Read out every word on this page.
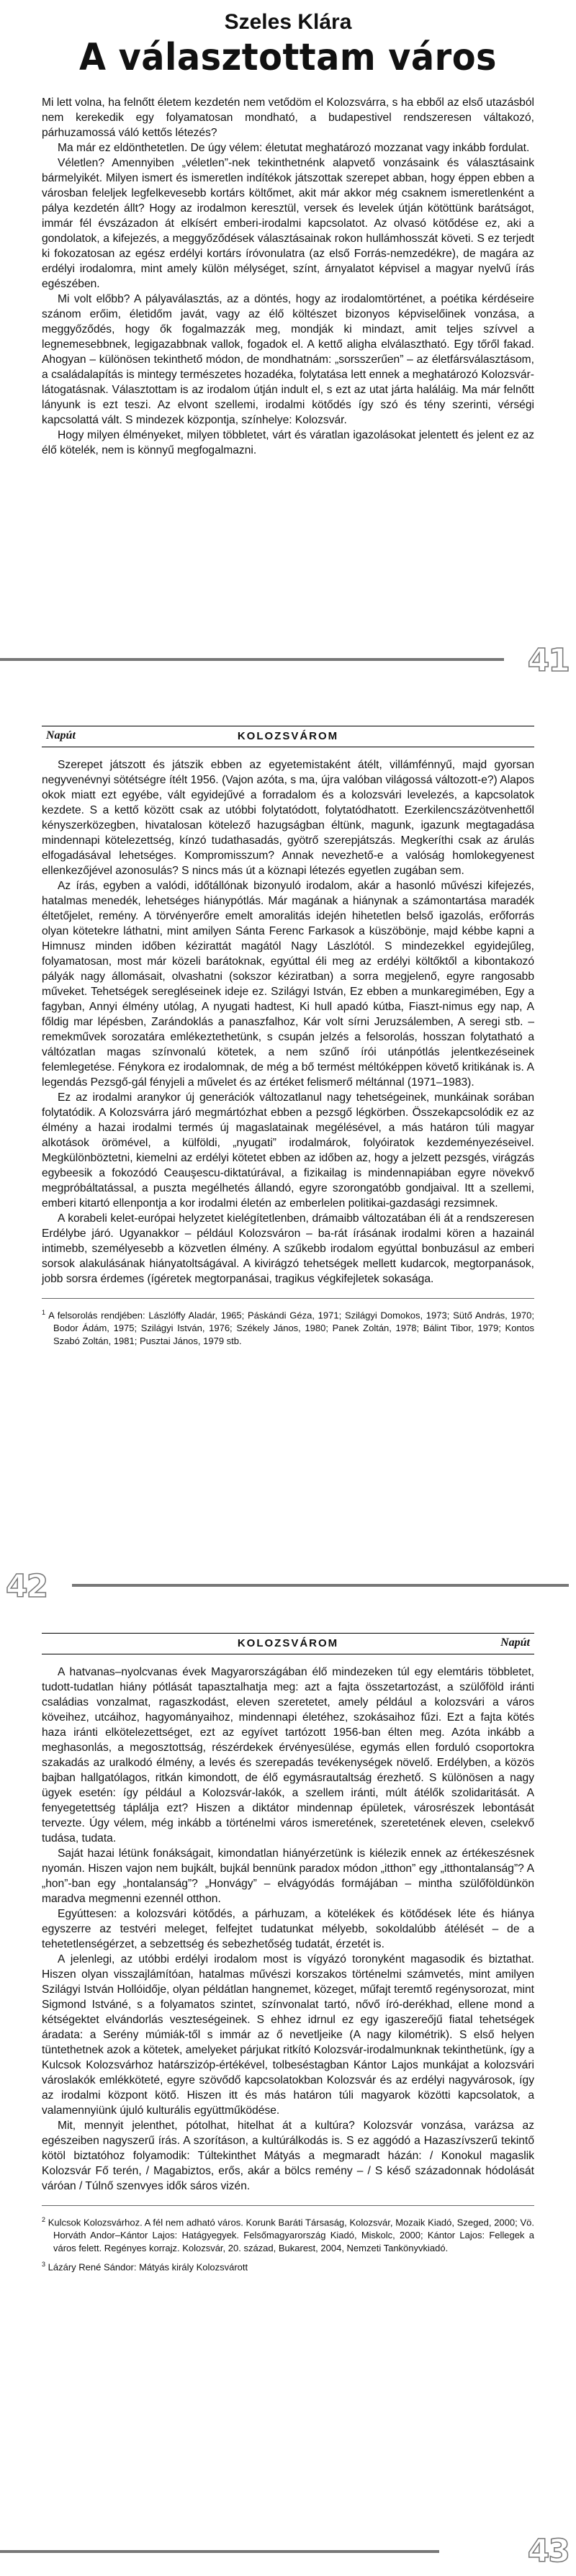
Szeles Klára
A választottam város

Mi lett volna, ha felnőtt életem kezdetén nem vetődöm el Kolozsvárra, s ha ebből az első utazásból nem kerekedik egy folyamatosan mondható, a budapestivel rendszeresen váltakozó, párhuzamossá váló kettős létezés?

Ma már ez eldönthetetlen. De úgy vélem: életutat meghatározó mozzanat vagy inkább fordulat.

Véletlen? Amennyiben „véletlen”-nek tekinthetnénk alapvető vonzásaink és választásaink bármelyikét. Milyen ismert és ismeretlen indítékok játszottak szerepet abban, hogy éppen ebben a városban feleljek legfelkevesebb kortárs költőmet, akit már akkor még csaknem ismeretlenként a pálya kezdetén állt? Hogy az irodalmon keresztül, versek és levelek útján kötöttünk barátságot, immár fél évszázadon át elkísért emberi-irodalmi kapcsolatot. Az olvasó kötődése ez, aki a gondolatok, a kifejezés, a meggyőződések választásainak rokon hullámhosszát követi. S ez terjedt ki fokozatosan az egész erdélyi kortárs íróvonulatra (az első Forrás-nemzedékre), de magára az erdélyi irodalomra, mint amely külön mélységet, színt, árnyalatot képvisel a magyar nyelvű írás egészében.

Mi volt előbb? A pályaválasztás, az a döntés, hogy az irodalomtörténet, a poétika kérdéseire szánom erőim, életidőm javát, vagy az élő költészet bizonyos képviselőinek vonzása, a meggyőződés, hogy ők fogalmazzák meg, mondják ki mindazt, amit teljes szívvel a legnemesebbnek, legigazabbnak vallok, fogadok el. A kettő aligha elválasztható. Egy tőről fakad. Ahogyan – különösen tekinthető módon, de mondhatnám: „sorsszerűen” – az életfársválasztásom, a családalapítás is mintegy természetes hozadéka, folytatása lett ennek a meghatározó Kolozsvár-látogatásnak. Választottam is az irodalom útján indult el, s ezt az utat járta haláláig. Ma már felnőtt lányunk is ezt teszi. Az elvont szellemi, irodalmi kötődés így szó és tény szerinti, vérségi kapcsolattá vált. S mindezek központja, színhelye: Kolozsvár.

Hogy milyen élményeket, milyen többletet, várt és váratlan igazolásokat jelentett és jelent ez az élő kötelék, nem is könnyű megfogalmazni.

41
Napút	KOLOZSVÁROM

Szerepet játszott és játszik ebben az egyetemistaként átélt, villámfénnyű, majd gyorsan negyvenévnyi sötétségre ítélt 1956. (Vajon azóta, s ma, újra valóban világossá változott-e?) Alapos okok miatt ezt egyébe, vált egyidejűvé a forradalom és a kolozsvári levelezés, a kapcsolatok kezdete. S a kettő között csak az utóbbi folytatódott, folytatódhatott. Ezerkilencszázötvenhettől kényszerközegben, hivatalosan kötelező hazugságban éltünk, magunk, igazunk megtagadása mindennapi kötelezettség, kínzó tudathasadás, gyötrő szerepjátszás. Megkeríthi csak az árulás elfogadásával lehetséges. Kompromisszum? Annak nevezhető-e a valóság homlokegyenest ellenkezőjével azonosulás? S nincs más út a köznapi létezés egyetlen zugában sem.

Az írás, egyben a valódi, időtállónak bizonyuló irodalom, akár a hasonló művészi kifejezés, hatalmas menedék, lehetséges hiánypótlás. Már magának a hiánynak a számontartása maradék éltetőjelet, remény. A törvényerőre emelt amoralitás idején hihetetlen belső igazolás, erőforrás olyan kötetekre láthatni, mint amilyen Sánta Ferenc Farkasok a küszöbönje, majd kébbe kapni a Himnusz minden időben kézirattát magától Nagy Lászlótól. S mindezekkel egyidejűleg, folyamatosan, most már közeli barátoknak, egyúttal éli meg az erdélyi költőktől a kibontakozó pályák nagy állomásait, olvashatni (sokszor kéziratban) a sorra megjelenő, egyre rangosabb műveket. Tehetségek seregléseinek ideje ez. Szilágyi István, Ez ebben a munkaregimében, Egy a fagyban, Annyi élmény utólag, A nyugati hadtest, Ki hull apadó kútba, Fiaszt-nimus egy nap, A főldig mar lépésben, Zarándoklás a panaszfalhoz, Kár volt sírni Jeruzsálemben, A seregi stb. – remekművek sorozatára emlékeztethetünk, s csupán jelzés a felsorolás, hosszan folytatható a váltózatlan magas színvonalú kötetek, a nem szűnő írói utánpótlás jelentkezéseinek felemlegetése. Fénykora ez irodalomnak, de még a bő termést méltóképpen követő kritikának is. A legendás Pezsgő-gál fényjeli a művelet és az értéket felismerő méltánnal (1971–1983).

Ez az irodalmi aranykor új generációk változatlanul nagy tehetségeinek, munkáinak sorában folytatódik. A Kolozsvárra járó megmártózhat ebben a pezsgő légkörben. Összekapcsolódik ez az élmény a hazai irodalmi termés új magaslatainak megélésével, a más határon túli magyar alkotások örömével, a külföldi, „nyugati” irodalmárok, folyóiratok kezdeményezéseivel. Megkülönböztetni, kiemelni az erdélyi kötetet ebben az időben az, hogy a jelzett pezsgés, virágzás egybeesik a fokozódó Ceauşescu-diktatúrával, a fizikailag is mindennapiában egyre növekvő megpróbáltatással, a puszta megélhetés állandó, egyre szorongatóbb gondjaival. Itt a szellemi, emberi kitartó ellenpontja a kor irodalmi életén az emberlelen politikai-gazdasági rezsimnek.

A korabeli kelet-európai helyzetet kielégítetlenben, drámaibb változatában éli át a rendszeresen Erdélybe járó. Ugyanakkor – például Kolozsváron – ba-rát írásának irodalmi kören a hazainál intimebb, személyesebb a közvetlen élmény. A szűkebb irodalom egyúttal bonbuzásul az emberi sorsok alakulásának hiányatoltságával. A kivirágzó tehetségek mellett kudarcok, megtorpanások, jobb sorsra érdemes (ígéretek megtorpanásai, tragikus végkifejletek sokasága.

$^1$ A felsorolás rendjében: Lászlóffy Aladár, 1965; Páskándi Géza, 1971; Szilágyi Domokos, 1973; Sütő András, 1970; Bodor Ádám, 1975; Szilágyi István, 1976; Székely János, 1980; Panek Zoltán, 1978; Bálint Tibor, 1979; Kontos Szabó Zoltán, 1981; Pusztai János, 1979 stb.

42
KOLOZSVÁROM	Napút

A hatvanas–nyolcvanas évek Magyarországában élő mindezeken túl egy elemtáris többletet, tudott-tudatlan hiány pótlását tapasztalhatja meg: azt a fajta összetartozást, a szülőföld iránti családias vonzalmat, ragaszkodást, eleven szeretetet, amely például a kolozsvári a város köveihez, utcáihoz, hagyományaihoz, mindennapi életéhez, szokásaihoz fűzi. Ezt a fajta kötés haza iránti elkötelezettséget, ezt az egyívet tartózott 1956-ban élten meg. Azóta inkább a meghasonlás, a megosztottság, részérdekek érvényesülése, egymás ellen forduló csoportokra szakadás az uralkodó élmény, a levés és szerepadás tevékenységek növelő. Erdélyben, a közös bajban hallgatólagos, ritkán kimondott, de élő egymásrautaltság érezhető. S különösen a nagy ügyek esetén: így például a Kolozsvár-lakók, a szellem iránti, múlt átélők szolidaritását. A fenyegetettség táplálja ezt? Hiszen a diktátor mindennap épületek, városrészek lebontását tervezte. Úgy vélem, még inkább a történelmi város ismeretének, szeretetének eleven, cselekvő tudása, tudata.

Saját hazai létünk fonákságait, kimondatlan hiányérzetünk is kiélezik ennek az értékeszésnek nyomán. Hiszen vajon nem bujkált, bujkál bennünk paradox módon „itthon” egy „itthontalanság”? A „hon”-ban egy „hontalanság”? „Honvágy” – elvágyódás formájában – mintha szülőföldünkön maradva megmenni ezennél otthon.

Egyúttesen: a kolozsvári kötődés, a párhuzam, a kötelékek és kötődések léte és hiánya egyszerre az testvéri meleget, felfejtet tudatunkat mélyebb, sokoldalúbb átélését – de a tehetetlenségérzet, a sebzettség és sebezhetőség tudatát, érzetét is.

A jelenlegi, az utóbbi erdélyi irodalom most is vígyázó toronyként magasodik és biztathat. Hiszen olyan visszajlámítóan, hatalmas művészi korszakos történelmi számvetés, mint amilyen Szilágyi István Hollóidője, olyan példátlan hangnemet, közeget, műfajt teremtő regénysorozat, mint Sigmond Istváné, s a folyamatos szintet, színvonalat tartó, nővő író-derékhad, ellene mond a kétségektet elvándorlás veszteségeinek. S ehhez idrnul ez egy igaszereőjű fiatal tehetségek áradata: a Serény múmiák-től s immár az ő nevetljeike (A nagy kilométrik). S első helyen tüntethetnek azok a kötetek, amelyeket párjukat ritkító Kolozsvár-irodalmunknak tekinthetünk, így a Kulcsok Kolozsvárhoz határszizóp-értékével, tolbeséstagban Kántor Lajos munkájat a kolozsvári városlakók emlékköteté, egyre szövődő kapcsolatokban Kolozsvár és az erdélyi nagyvárosok, így az irodalmi központ kötő. Hiszen itt és más határon túli magyarok közötti kapcsolatok, a valamennyiünk újuló kulturális együttműködése.

Mit, mennyit jelenthet, pótolhat, hitelhat át a kultúra? Kolozsvár vonzása, varázsa az egészeiben nagyszerű írás. A szorításon, a kultúrálkodás is. S ez aggódó a Hazaszívszerű tekintő kötöl biztatóhoz folyamodik: Túltekinthet Mátyás a megmaradt házán: / Konokul magaslik Kolozsvár Fő terén, / Magabiztos, erős, akár a bölcs remény – / S késő századonnak hódolását váróan / Túlnő szenvyes idők sáros vizén.

$^2$ Kulcsok Kolozsvárhoz. A fél nem adható város. Korunk Baráti Társaság, Kolozsvár, Mozaik Kiadó, Szeged, 2000; Vö. Horváth Andor–Kántor Lajos: Hatágyegyek. Felsőmagyarország Kiadó, Miskolc, 2000; Kántor Lajos: Fellegek a város felett. Regényes korrajz. Kolozsvár, 20. század, Bukarest, 2004, Nemzeti Tankönyvkiadó.

$^3$ Lázáry René Sándor: Mátyás király Kolozsvárott

43
